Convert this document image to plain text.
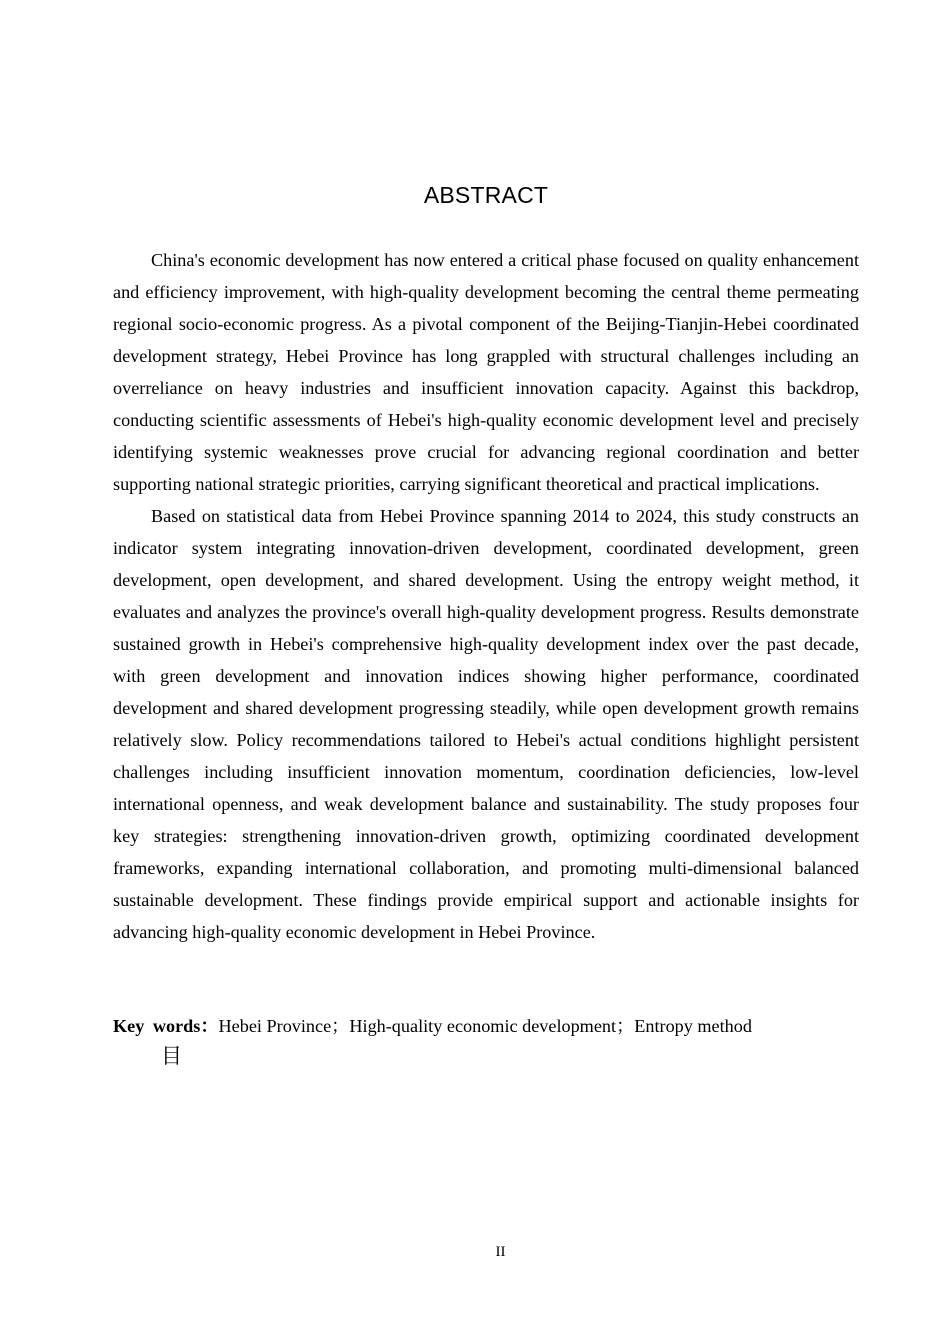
ABSTRACT

China's economic development has now entered a critical phase focused on quality enhancement and efficiency improvement, with high-quality development becoming the central theme permeating regional socio-economic progress. As a pivotal component of the Beijing-Tianjin-Hebei coordinated development strategy, Hebei Province has long grappled with structural challenges including an overreliance on heavy industries and insufficient innovation capacity. Against this backdrop, conducting scientific assessments of Hebei's high-quality economic development level and precisely identifying systemic weaknesses prove crucial for advancing regional coordination and better supporting national strategic priorities, carrying significant theoretical and practical implications.

Based on statistical data from Hebei Province spanning 2014 to 2024, this study constructs an indicator system integrating innovation-driven development, coordinated development, green development, open development, and shared development. Using the entropy weight method, it evaluates and analyzes the province's overall high-quality development progress. Results demonstrate sustained growth in Hebei's comprehensive high-quality development index over the past decade, with green development and innovation indices showing higher performance, coordinated development and shared development progressing steadily, while open development growth remains relatively slow. Policy recommendations tailored to Hebei's actual conditions highlight persistent challenges including insufficient innovation momentum, coordination deficiencies, low-level international openness, and weak development balance and sustainability. The study proposes four key strategies: strengthening innovation-driven growth, optimizing coordinated development frameworks, expanding international collaboration, and promoting multi-dimensional balanced sustainable development. These findings provide empirical support and actionable insights for advancing high-quality economic development in Hebei Province.

Key words：Hebei Province；High-quality economic development；Entropy method
目
II
